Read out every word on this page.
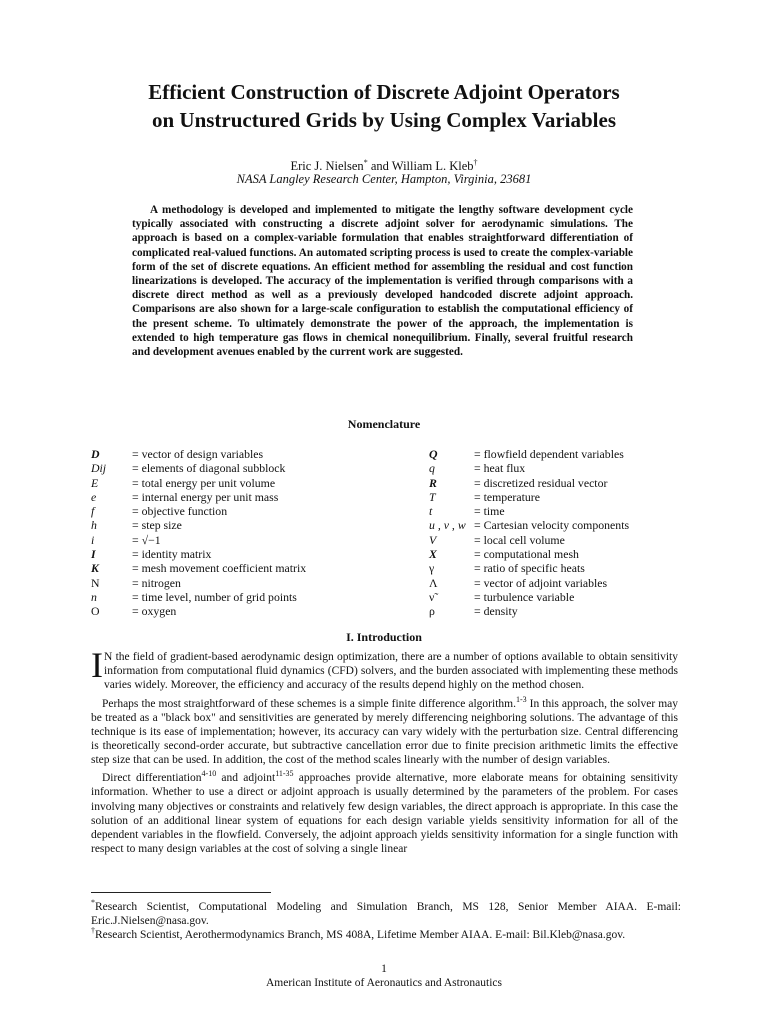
Efficient Construction of Discrete Adjoint Operators
on Unstructured Grids by Using Complex Variables
Eric J. Nielsen* and William L. Kleb†
NASA Langley Research Center, Hampton, Virginia, 23681

A methodology is developed and implemented to mitigate the lengthy software development cycle typically associated with constructing a discrete adjoint solver for aerodynamic simulations. The approach is based on a complex-variable formulation that enables straightforward differentiation of complicated real-valued functions. An automated scripting process is used to create the complex-variable form of the set of discrete equations. An efficient method for assembling the residual and cost function linearizations is developed. The accuracy of the implementation is verified through comparisons with a discrete direct method as well as a previously developed handcoded discrete adjoint approach. Comparisons are also shown for a large-scale configuration to establish the computational efficiency of the present scheme. To ultimately demonstrate the power of the approach, the implementation is extended to high temperature gas flows in chemical nonequilibrium. Finally, several fruitful research and development avenues enabled by the current work are suggested.

Nomenclature
D	= vector of design variables
Dij	= elements of diagonal subblock
E	= total energy per unit volume
e	= internal energy per unit mass
f	= objective function
h	= step size
i	= √−1
I	= identity matrix
K	= mesh movement coefficient matrix
N	= nitrogen
n	= time level, number of grid points
O	= oxygen
Q	= flowfield dependent variables
q	= heat flux
R	= discretized residual vector
T	= temperature
t	= time
u , v , w = Cartesian velocity components
V	= local cell volume
X	= computational mesh
γ	= ratio of specific heats
Λ	= vector of adjoint variables
ν̃	= turbulence variable
ρ	= density
I. Introduction

I N the field of gradient-based aerodynamic design optimization, there are a number of options available to obtain sensitivity information from computational fluid dynamics (CFD) solvers, and the burden associated with implementing these methods varies widely. Moreover, the efficiency and accuracy of the results depend highly on the method chosen.

Perhaps the most straightforward of these schemes is a simple finite difference algorithm.$^{1-3}$ In this approach, the solver may be treated as a "black box" and sensitivities are generated by merely differencing neighboring solutions. The advantage of this technique is its ease of implementation; however, its accuracy can vary widely with the perturbation size. Central differencing is theoretically second-order accurate, but subtractive cancellation error due to finite precision arithmetic limits the effective step size that can be used. In addition, the cost of the method scales linearly with the number of design variables.

Direct differentiation$^{4-10}$ and adjoint$^{11-35}$ approaches provide alternative, more elaborate means for obtaining sensitivity information. Whether to use a direct or adjoint approach is usually determined by the parameters of the problem. For cases involving many objectives or constraints and relatively few design variables, the direct approach is appropriate. In this case the solution of an additional linear system of equations for each design variable yields sensitivity information for all of the dependent variables in the flowfield. Conversely, the adjoint approach yields sensitivity information for a single function with respect to many design variables at the cost of solving a single linear

*Research Scientist, Computational Modeling and Simulation Branch, MS 128, Senior Member AIAA. E-mail: Eric.J.Nielsen@nasa.gov.
†Research Scientist, Aerothermodynamics Branch, MS 408A, Lifetime Member AIAA. E-mail: Bil.Kleb@nasa.gov.
1
American Institute of Aeronautics and Astronautics
